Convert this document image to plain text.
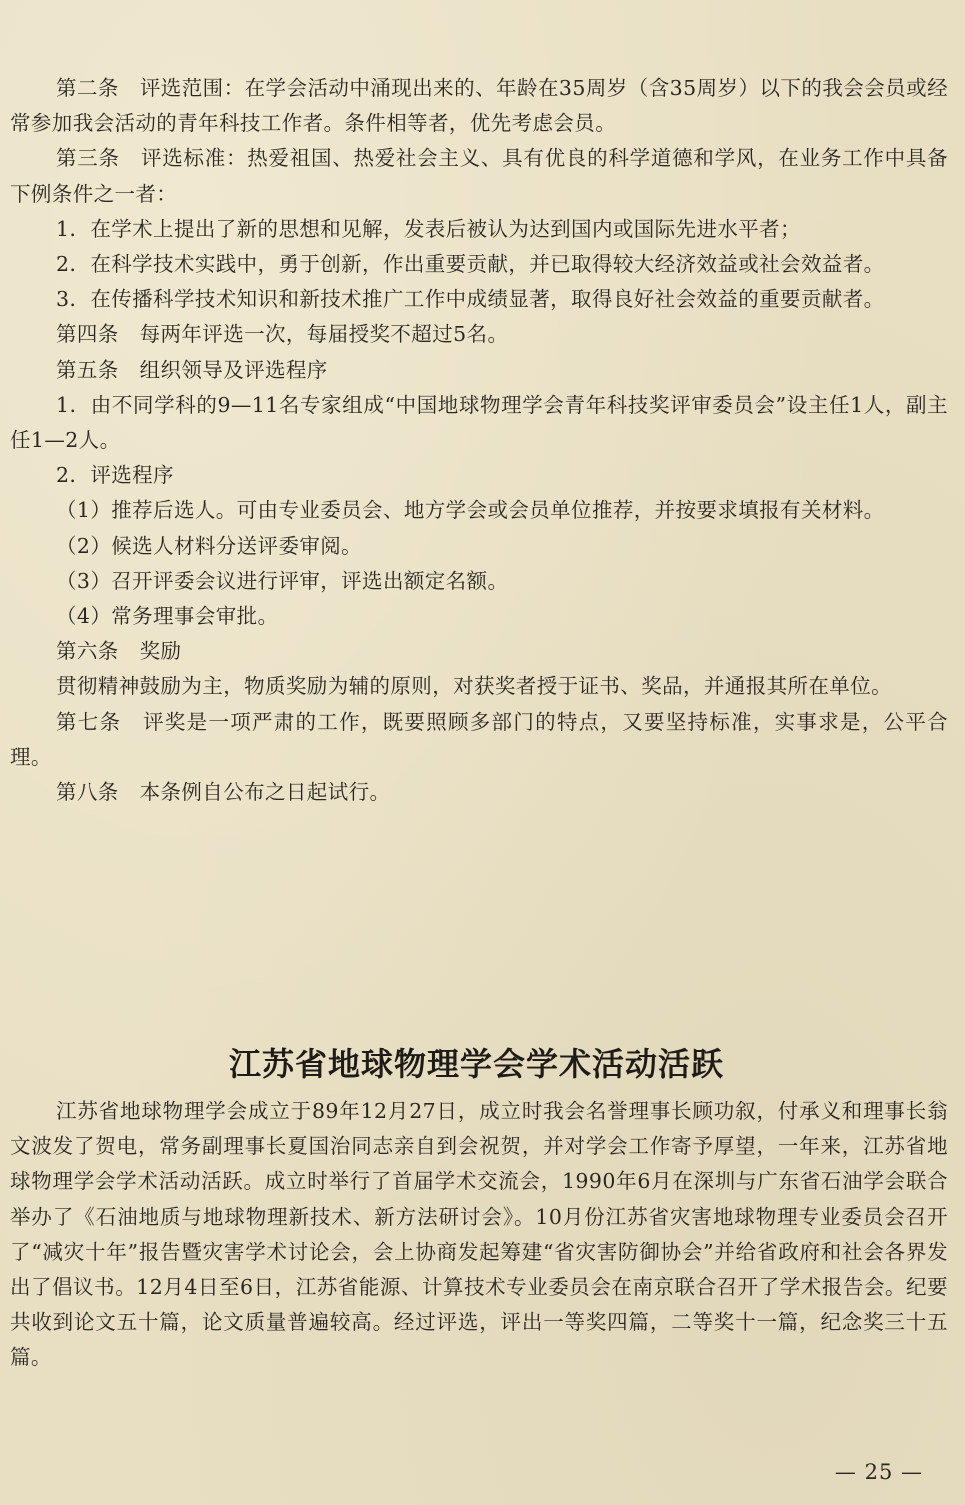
第二条　评选范围：在学会活动中涌现出来的、年龄在35周岁（含35周岁）以下的我会会员或经常参加我会活动的青年科技工作者。条件相等者，优先考虑会员。

第三条　评选标准：热爱祖国、热爱社会主义、具有优良的科学道德和学风，在业务工作中具备下例条件之一者：

1．在学术上提出了新的思想和见解，发表后被认为达到国内或国际先进水平者；

2．在科学技术实践中，勇于创新，作出重要贡献，并已取得较大经济效益或社会效益者。

3．在传播科学技术知识和新技术推广工作中成绩显著，取得良好社会效益的重要贡献者。

第四条　每两年评选一次，每届授奖不超过5名。

第五条　组织领导及评选程序

1．由不同学科的9—11名专家组成“中国地球物理学会青年科技奖评审委员会”设主任1人，副主任1—2人。

2．评选程序

（1）推荐后选人。可由专业委员会、地方学会或会员单位推荐，并按要求填报有关材料。

（2）候选人材料分送评委审阅。

（3）召开评委会议进行评审，评选出额定名额。

（4）常务理事会审批。

第六条　奖励

贯彻精神鼓励为主，物质奖励为辅的原则，对获奖者授于证书、奖品，并通报其所在单位。

第七条　评奖是一项严肃的工作，既要照顾多部门的特点，又要坚持标准，实事求是，公平合理。

第八条　本条例自公布之日起试行。

江苏省地球物理学会学术活动活跃

江苏省地球物理学会成立于89年12月27日，成立时我会名誉理事长顾功叙，付承义和理事长翁文波发了贺电，常务副理事长夏国治同志亲自到会祝贺，并对学会工作寄予厚望，一年来，江苏省地球物理学会学术活动活跃。成立时举行了首届学术交流会，1990年6月在深圳与广东省石油学会联合举办了《石油地质与地球物理新技术、新方法研讨会》。10月份江苏省灾害地球物理专业委员会召开了“减灾十年”报告暨灾害学术讨论会，会上协商发起筹建“省灾害防御协会”并给省政府和社会各界发出了倡议书。12月4日至6日，江苏省能源、计算技术专业委员会在南京联合召开了学术报告会。纪要共收到论文五十篇，论文质量普遍较高。经过评选，评出一等奖四篇，二等奖十一篇，纪念奖三十五篇。

— 25 —
